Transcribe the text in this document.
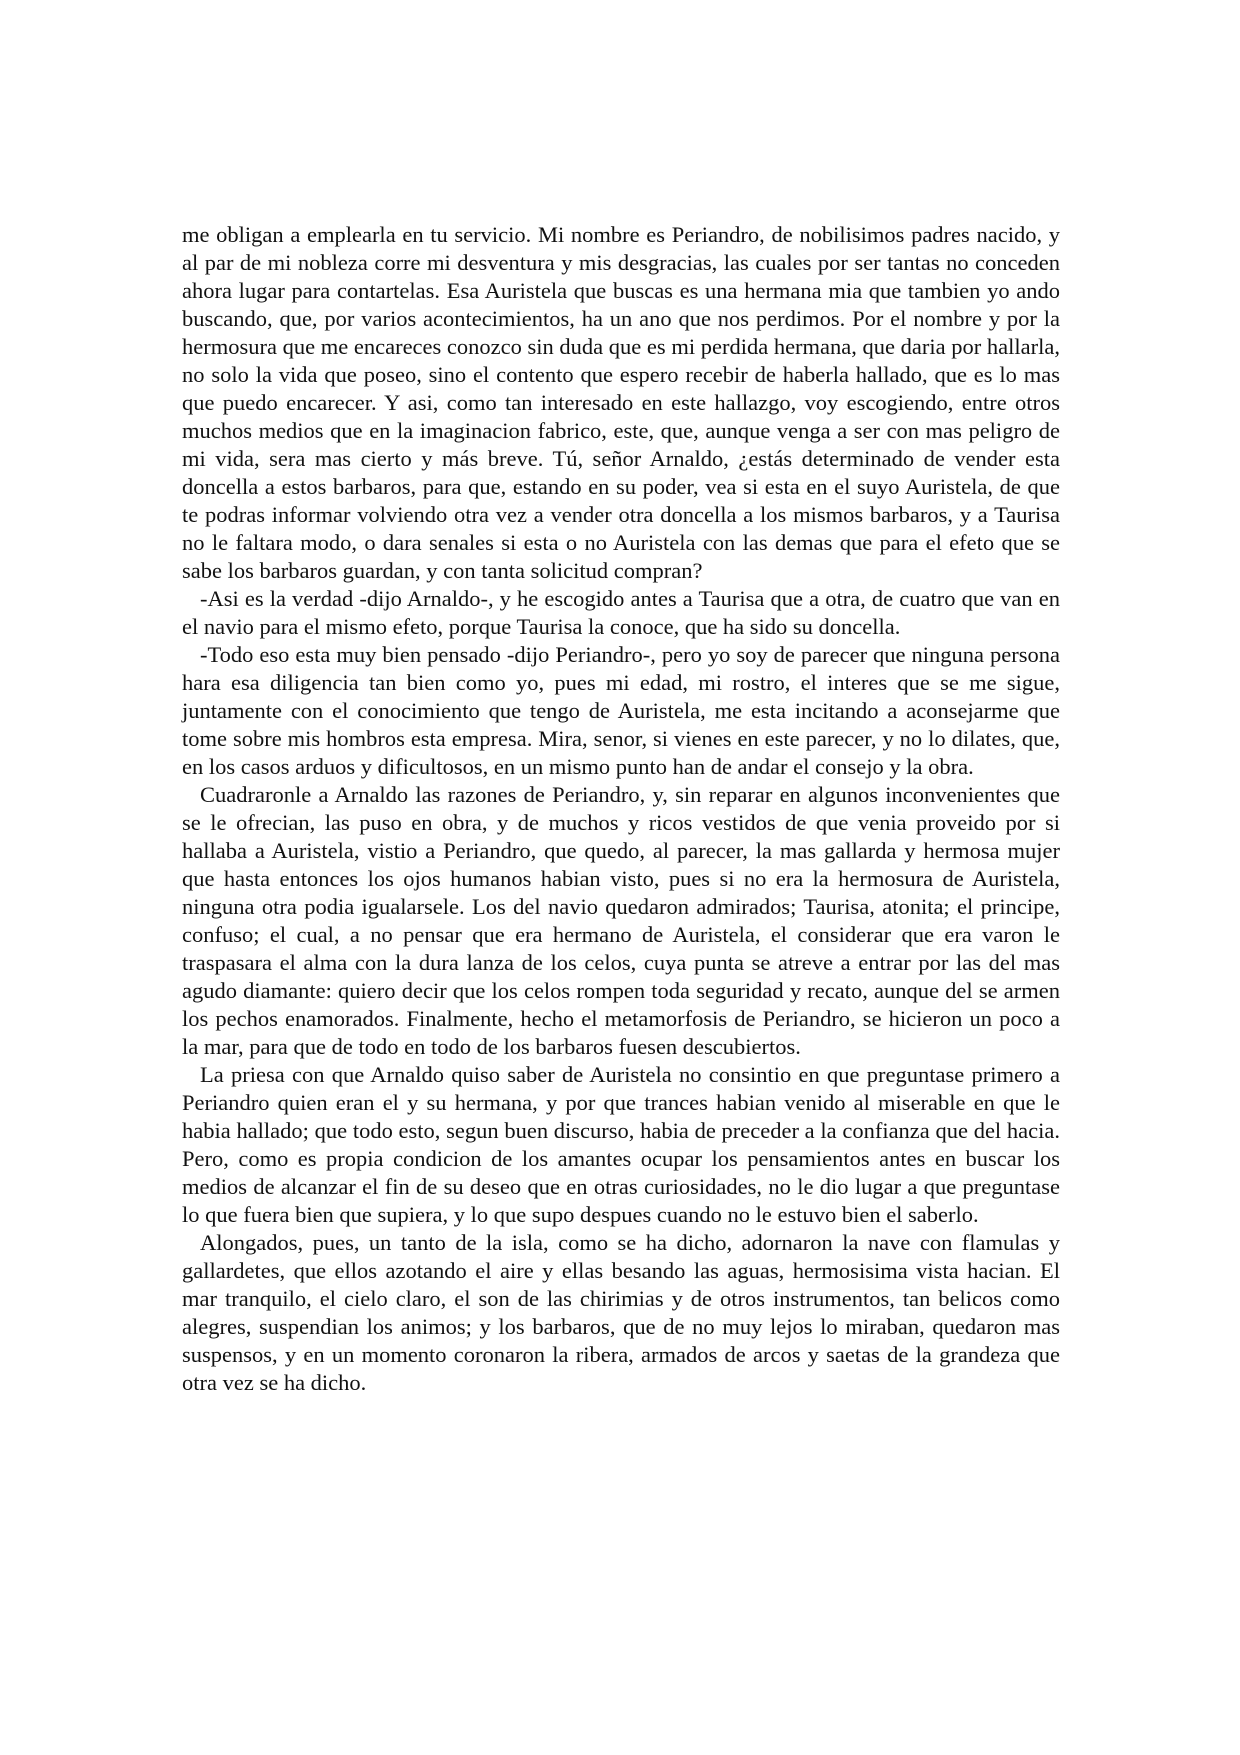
me obligan a emplearla en tu servicio. Mi nombre es Periandro, de nobilisimos padres nacido, y al par de mi nobleza corre mi desventura y mis desgracias, las cuales por ser tantas no conceden ahora lugar para contartelas. Esa Auristela que buscas es una hermana mia que tambien yo ando buscando, que, por varios acontecimientos, ha un ano que nos perdimos. Por el nombre y por la hermosura que me encareces conozco sin duda que es mi perdida hermana, que daria por hallarla, no solo la vida que poseo, sino el contento que espero recebir de haberla hallado, que es lo mas que puedo encarecer. Y asi, como tan interesado en este hallazgo, voy escogiendo, entre otros muchos medios que en la imaginacion fabrico, este, que, aunque venga a ser con mas peligro de mi vida, sera mas cierto y más breve. Tú, señor Arnaldo, ¿estás determinado de vender esta doncella a estos barbaros, para que, estando en su poder, vea si esta en el suyo Auristela, de que te podras informar volviendo otra vez a vender otra doncella a los mismos barbaros, y a Taurisa no le faltara modo, o dara senales si esta o no Auristela con las demas que para el efeto que se sabe los barbaros guardan, y con tanta solicitud compran?

-Asi es la verdad -dijo Arnaldo-, y he escogido antes a Taurisa que a otra, de cuatro que van en el navio para el mismo efeto, porque Taurisa la conoce, que ha sido su doncella.

-Todo eso esta muy bien pensado -dijo Periandro-, pero yo soy de parecer que ninguna persona hara esa diligencia tan bien como yo, pues mi edad, mi rostro, el interes que se me sigue, juntamente con el conocimiento que tengo de Auristela, me esta incitando a aconsejarme que tome sobre mis hombros esta empresa. Mira, senor, si vienes en este parecer, y no lo dilates, que, en los casos arduos y dificultosos, en un mismo punto han de andar el consejo y la obra.

Cuadraronle a Arnaldo las razones de Periandro, y, sin reparar en algunos inconvenientes que se le ofrecian, las puso en obra, y de muchos y ricos vestidos de que venia proveido por si hallaba a Auristela, vistio a Periandro, que quedo, al parecer, la mas gallarda y hermosa mujer que hasta entonces los ojos humanos habian visto, pues si no era la hermosura de Auristela, ninguna otra podia igualarsele. Los del navio quedaron admirados; Taurisa, atonita; el principe, confuso; el cual, a no pensar que era hermano de Auristela, el considerar que era varon le traspasara el alma con la dura lanza de los celos, cuya punta se atreve a entrar por las del mas agudo diamante: quiero decir que los celos rompen toda seguridad y recato, aunque del se armen los pechos enamorados. Finalmente, hecho el metamorfosis de Periandro, se hicieron un poco a la mar, para que de todo en todo de los barbaros fuesen descubiertos.

La priesa con que Arnaldo quiso saber de Auristela no consintio en que preguntase primero a Periandro quien eran el y su hermana, y por que trances habian venido al miserable en que le habia hallado; que todo esto, segun buen discurso, habia de preceder a la confianza que del hacia. Pero, como es propia condicion de los amantes ocupar los pensamientos antes en buscar los medios de alcanzar el fin de su deseo que en otras curiosidades, no le dio lugar a que preguntase lo que fuera bien que supiera, y lo que supo despues cuando no le estuvo bien el saberlo.

Alongados, pues, un tanto de la isla, como se ha dicho, adornaron la nave con flamulas y gallardetes, que ellos azotando el aire y ellas besando las aguas, hermosisima vista hacian. El mar tranquilo, el cielo claro, el son de las chirimias y de otros instrumentos, tan belicos como alegres, suspendian los animos; y los barbaros, que de no muy lejos lo miraban, quedaron mas suspensos, y en un momento coronaron la ribera, armados de arcos y saetas de la grandeza que otra vez se ha dicho.
